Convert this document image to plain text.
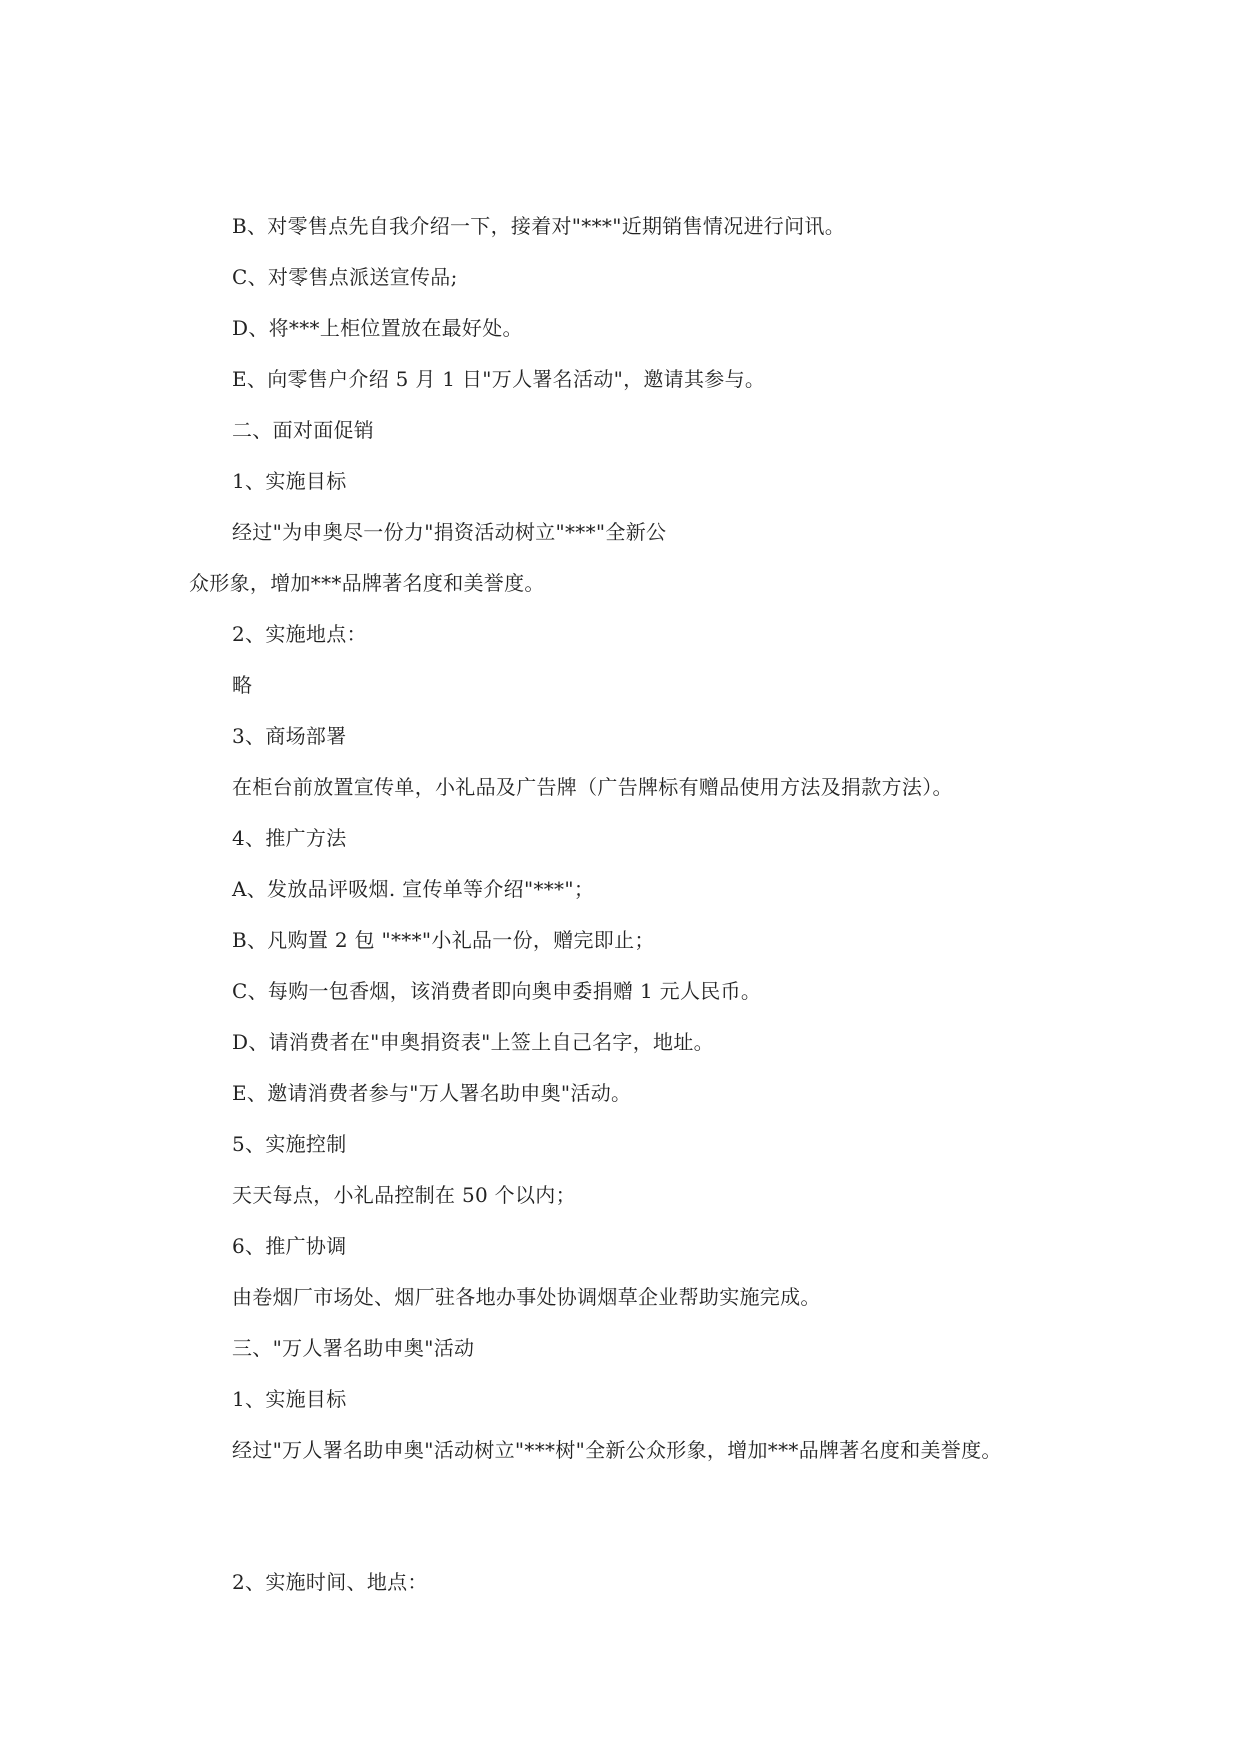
B、对零售点先自我介绍一下，接着对"***"近期销售情况进行问讯。
C、对零售点派送宣传品;
D、将***上柜位置放在最好处。
E、向零售户介绍 5 月 1 日"万人署名活动"，邀请其参与。
二、面对面促销
1、实施目标
经过"为申奥尽一份力"捐资活动树立"***"全新公
众形象，增加***品牌著名度和美誉度。
2、实施地点：
略
3、商场部署
在柜台前放置宣传单，小礼品及广告牌（广告牌标有赠品使用方法及捐款方法）。
4、推广方法
A、发放品评吸烟. 宣传单等介绍"***"；
B、凡购置 2 包 "***"小礼品一份，赠完即止；
C、每购一包香烟，该消费者即向奥申委捐赠 1 元人民币。
D、请消费者在"申奥捐资表"上签上自己名字，地址。
E、邀请消费者参与"万人署名助申奥"活动。
5、实施控制
天天每点，小礼品控制在 50 个以内；
6、推广协调
由卷烟厂市场处、烟厂驻各地办事处协调烟草企业帮助实施完成。
三、"万人署名助申奥"活动
1、实施目标
经过"万人署名助申奥"活动树立"***树"全新公众形象，增加***品牌著名度和美誉度。
2、实施时间、地点：
